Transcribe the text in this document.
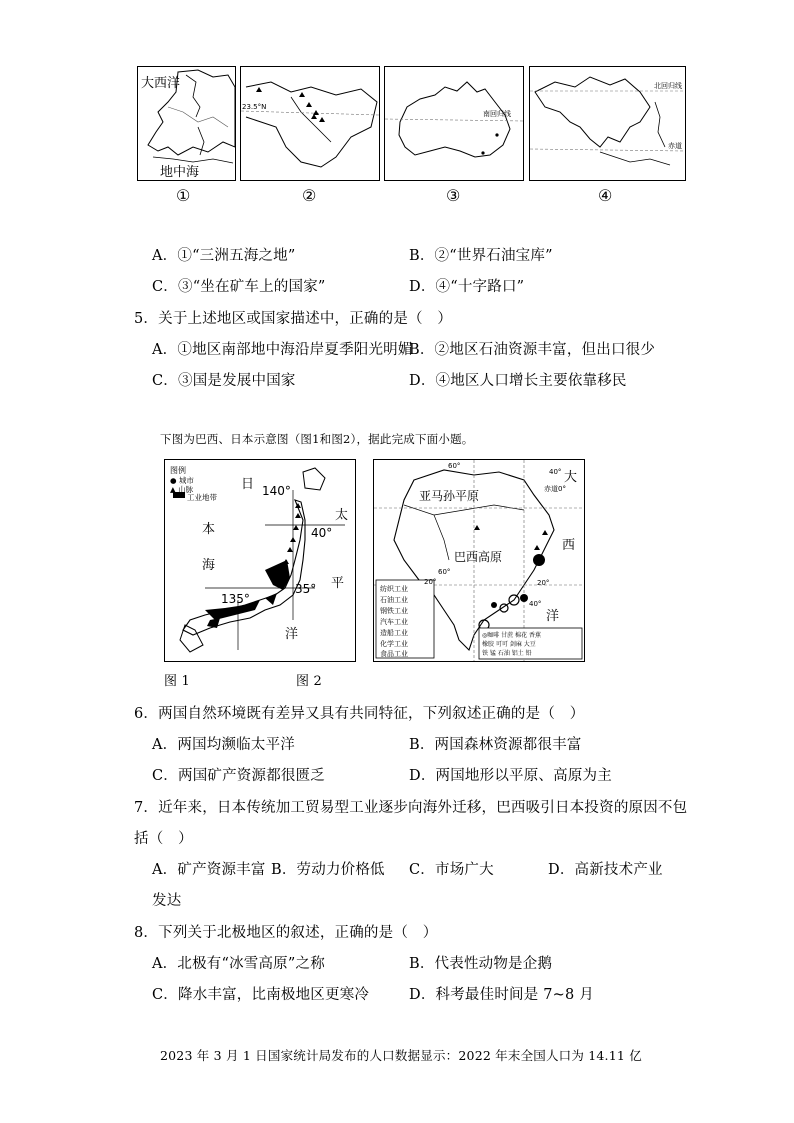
大西洋
地中海
23.5°N
南回归线
北回归线
赤道
①	②	③	④
A．①“三洲五海之地”	B．②“世界石油宝库”
C．③“坐在矿车上的国家”	D．④“十字路口”
5．关于上述地区或国家描述中，正确的是（　）
A．①地区南部地中海沿岸夏季阳光明媚
B．②地区石油资源丰富，但出口很少
C．③国是发展中国家	D．④地区人口增长主要依靠移民
下图为巴西、日本示意图（图1和图2），据此完成下面小题。
图例
● 城市
▲ 山脉
工业地带
日
本
海
太
平
洋
140°
40°
135°
35°
60°
大
40°
赤道0°
亚马孙平原
巴西高原
西
洋
60°
20°	20°
40°
纺织工业
石油工业
钢铁工业
汽车工业
造船工业
化学工业
食品工业
◎咖啡 甘蔗 棉花 香蕉
橡胶 可可 剑麻 大豆
铁 锰 石油 铝土 铅
图 1	图 2
6．两国自然环境既有差异又具有共同特征，下列叙述正确的是（　）
A．两国均濒临太平洋	B．两国森林资源都很丰富
C．两国矿产资源都很匮乏	D．两国地形以平原、高原为主
7．近年来，日本传统加工贸易型工业逐步向海外迁移，巴西吸引日本投资的原因不包
括（　）
A．矿产资源丰富 B．劳动力价格低 C．市场广大	D．高新技术产业
发达
8．下列关于北极地区的叙述，正确的是（　）
A．北极有“冰雪高原”之称	B．代表性动物是企鹅
C．降水丰富，比南极地区更寒冷	D．科考最佳时间是 7~8 月
2023 年 3 月 1 日国家统计局发布的人口数据显示：2022 年末全国人口为 14.11 亿
